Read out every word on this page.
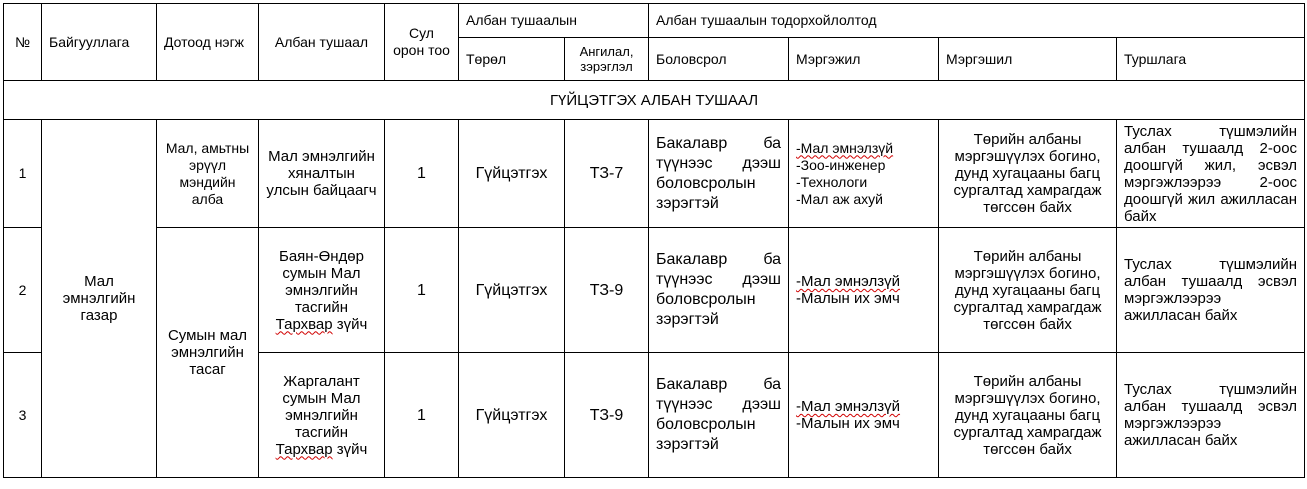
№	Байгууллага	Дотоод нэгж	Албан тушаал	Сул орон тоо	Албан тушаалын		Албан тушаалын тодорхойлолтод			
					Төрөл	Ангилал, зэрэглэл	Боловсрол	Мэргэжил	Мэргэшил	Туршлага
ГҮЙЦЭТГЭХ АЛБАН ТУШААЛ										
1	Мал эмнэлгийн газар	Мал, амьтны эрүүл мэндийн алба	Мал эмнэлгийн хяналтын улсын байцаагч	1	Гүйцэтгэх	ТЗ-7	Бакалавр ба түүнээс дээш боловсролын зэрэгтэй	-Мал эмнэлзүй
-Зоо-инженер
-Технологи
-Мал аж ахуй	Төрийн албаны мэргэшүүлэх богино, дунд хугацааны багц сургалтад хамрагдаж төгссөн байх	Туслах түшмэлийн албан тушаалд 2-оос доошгүй жил, эсвэл мэргэжлээрээ 2-оос доошгүй жил ажилласан байх
2		Сумын мал эмнэлгийн тасаг	Баян-Өндөр сумын Мал эмнэлгийн тасгийн Тархвар зүйч	1	Гүйцэтгэх	ТЗ-9	Бакалавр ба түүнээс дээш боловсролын зэрэгтэй	-Мал эмнэлзүй
-Малын их эмч	Төрийн албаны мэргэшүүлэх богино, дунд хугацааны багц сургалтад хамрагдаж төгссөн байх	Туслах түшмэлийн албан тушаалд эсвэл мэргэжлээрээ ажилласан байх
3			Жаргалант сумын Мал эмнэлгийн тасгийн Тархвар зүйч	1	Гүйцэтгэх	ТЗ-9	Бакалавр ба түүнээс дээш боловсролын зэрэгтэй	-Мал эмнэлзүй
-Малын их эмч	Төрийн албаны мэргэшүүлэх богино, дунд хугацааны багц сургалтад хамрагдаж төгссөн байх	Туслах түшмэлийн албан тушаалд эсвэл мэргэжлээрээ ажилласан байх
